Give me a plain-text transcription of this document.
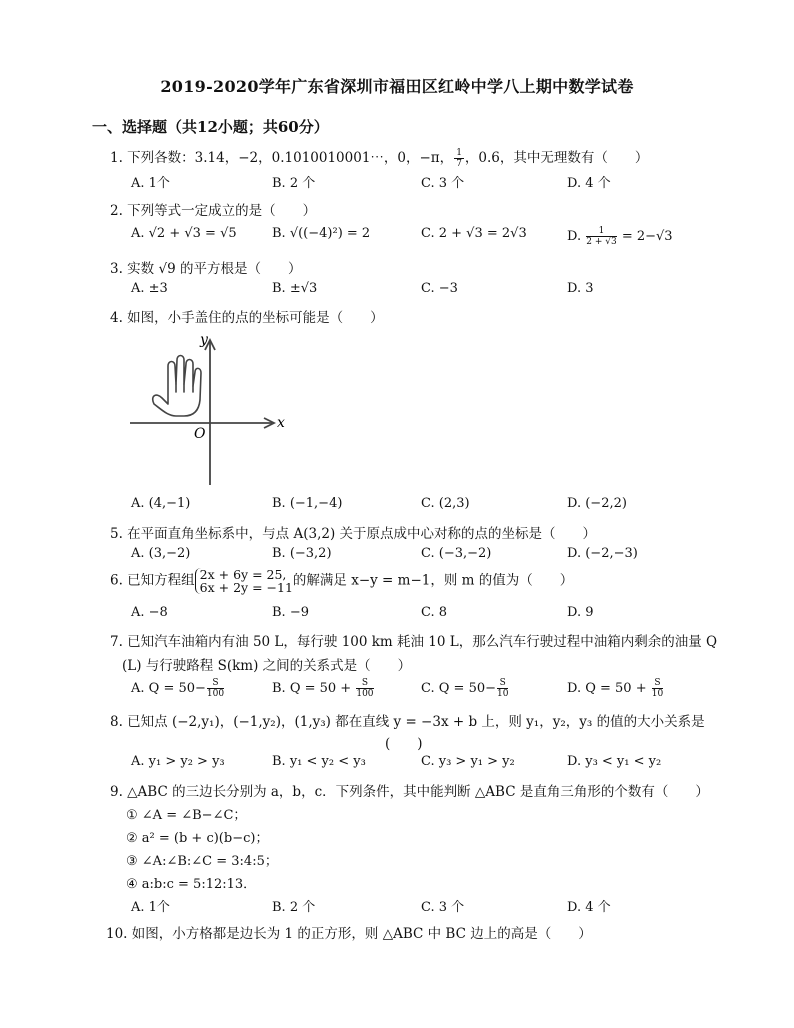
2019-2020学年广东省深圳市福田区红岭中学八上期中数学试卷
一、选择题（共12小题；共60分）
1. 下列各数：3.14，−2，0.1010010001⋯，0，−π， $\frac{1}{7}$ ，0.6，其中无理数有（　　）
A. 1个	B. 2 个	C. 3 个	D. 4 个
2. 下列等式一定成立的是（　　）
A. √2 + √3 = √5	B. √((−4)²) = 2	C. 2 + √3 = 2√3	D. $\frac{1}{2 + √3} = 2-√3$
3. 实数 √9 的平方根是（　　）
A. ±3	B. ±√3	C. −3	D. 3
4. 如图，小手盖住的点的坐标可能是（　　）
x
y
O
A. (4,−1)	B. (−1,−4)	C. (2,3)	D. (−2,2)
5. 在平面直角坐标系中，与点 A(3,2) 关于原点成中心对称的点的坐标是（　　）
A. (3,−2)	B. (−3,2)	C. (−3,−2)	D. (−2,−3)
6. 已知方程组 2x + 6y = 25,
6x + 2y = −11 的解满足 x−y = m−1，则 m 的值为（　　）
A. −8	B. −9	C. 8	D. 9
7. 已知汽车油箱内有油 50 L，每行驶 100 km 耗油 10 L，那么汽车行驶过程中油箱内剩余的油量 Q
(L) 与行驶路程 S(km) 之间的关系式是（　　）
A. $Q = 50- \frac{S}{100}$	B. $Q = 50 + \frac{S}{100}$	C. $Q = 50- \frac{S}{10}$	D. $Q = 50 + \frac{S}{10}$
8. 已知点 (−2,y₁)，(−1,y₂)，(1,y₃) 都在直线 y = −3x + b 上，则 y₁，y₂，y₃ 的值的大小关系是
(　　)
A. y₁ > y₂ > y₃	B. y₁ < y₂ < y₃	C. y₃ > y₁ > y₂	D. y₃ < y₁ < y₂
9. △ABC 的三边长分别为 a，b，c．下列条件，其中能判断 △ABC 是直角三角形的个数有（　　）
① ∠A = ∠B−∠C；
② a² = (b + c)(b−c)；
③ ∠A:∠B:∠C = 3:4:5；
④ a:b:c = 5:12:13．
A. 1个	B. 2 个	C. 3 个	D. 4 个
10. 如图，小方格都是边长为 1 的正方形，则 △ABC 中 BC 边上的高是（　　）
